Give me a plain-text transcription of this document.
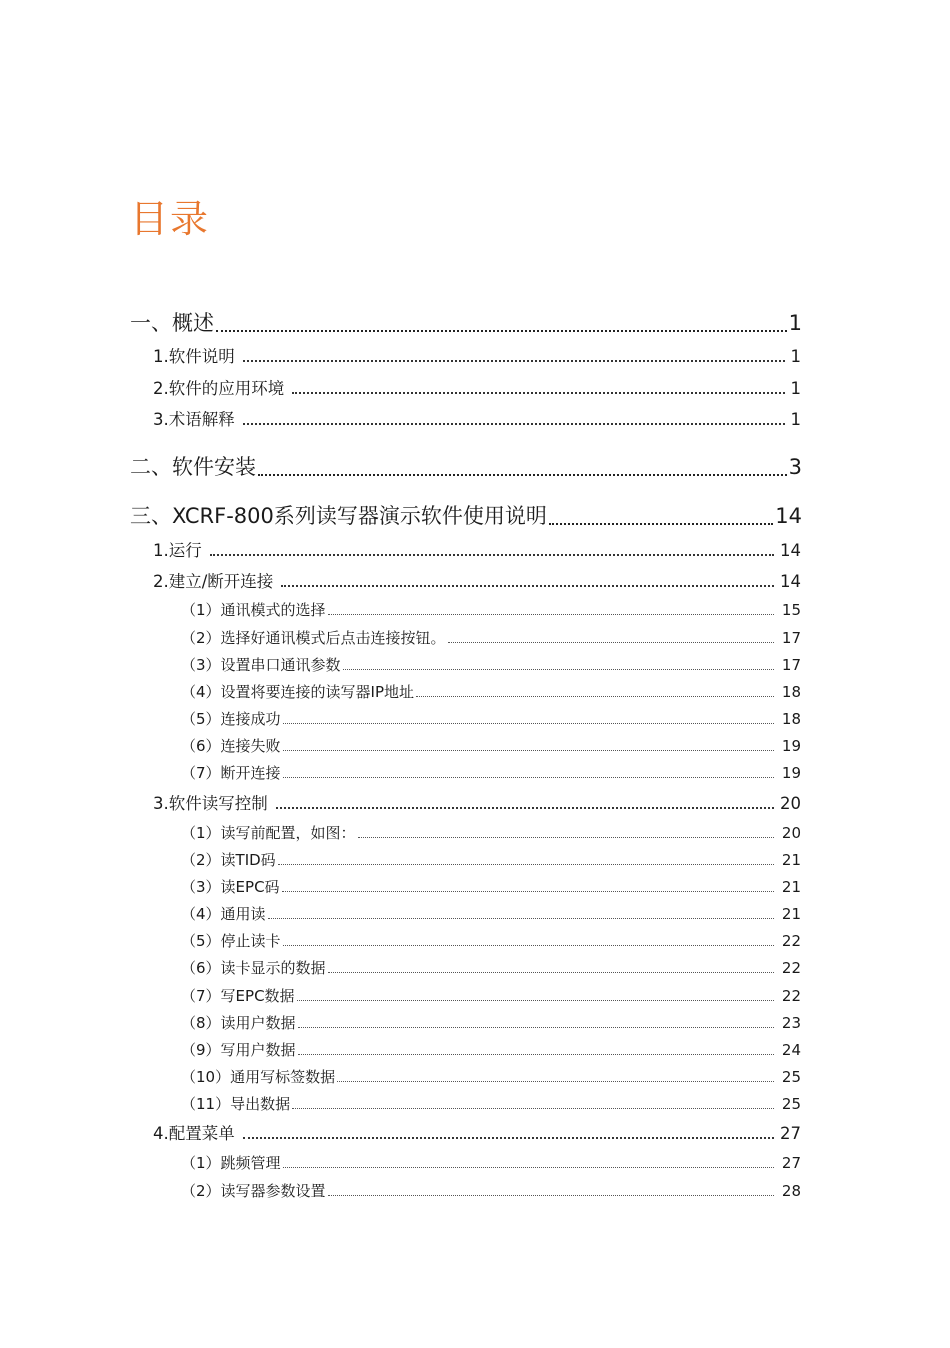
目录
一、概述	1
1.软件说明	1
2.软件的应用环境	1
3.术语解释	1
二、软件安装	3
三、XCRF-800系列读写器演示软件使用说明	14
1.运行	14
2.建立/断开连接	14
（1）通讯模式的选择	15
（2）选择好通讯模式后点击连接按钮。	17
（3）设置串口通讯参数	17
（4）设置将要连接的读写器IP地址	18
（5）连接成功	18
（6）连接失败	19
（7）断开连接	19
3.软件读写控制	20
（1）读写前配置，如图：	20
（2）读TID码	21
（3）读EPC码	21
（4）通用读	21
（5）停止读卡	22
（6）读卡显示的数据	22
（7）写EPC数据	22
（8）读用户数据	23
（9）写用户数据	24
（10）通用写标签数据	25
（11）导出数据	25
4.配置菜单	27
（1）跳频管理	27
（2）读写器参数设置	28
